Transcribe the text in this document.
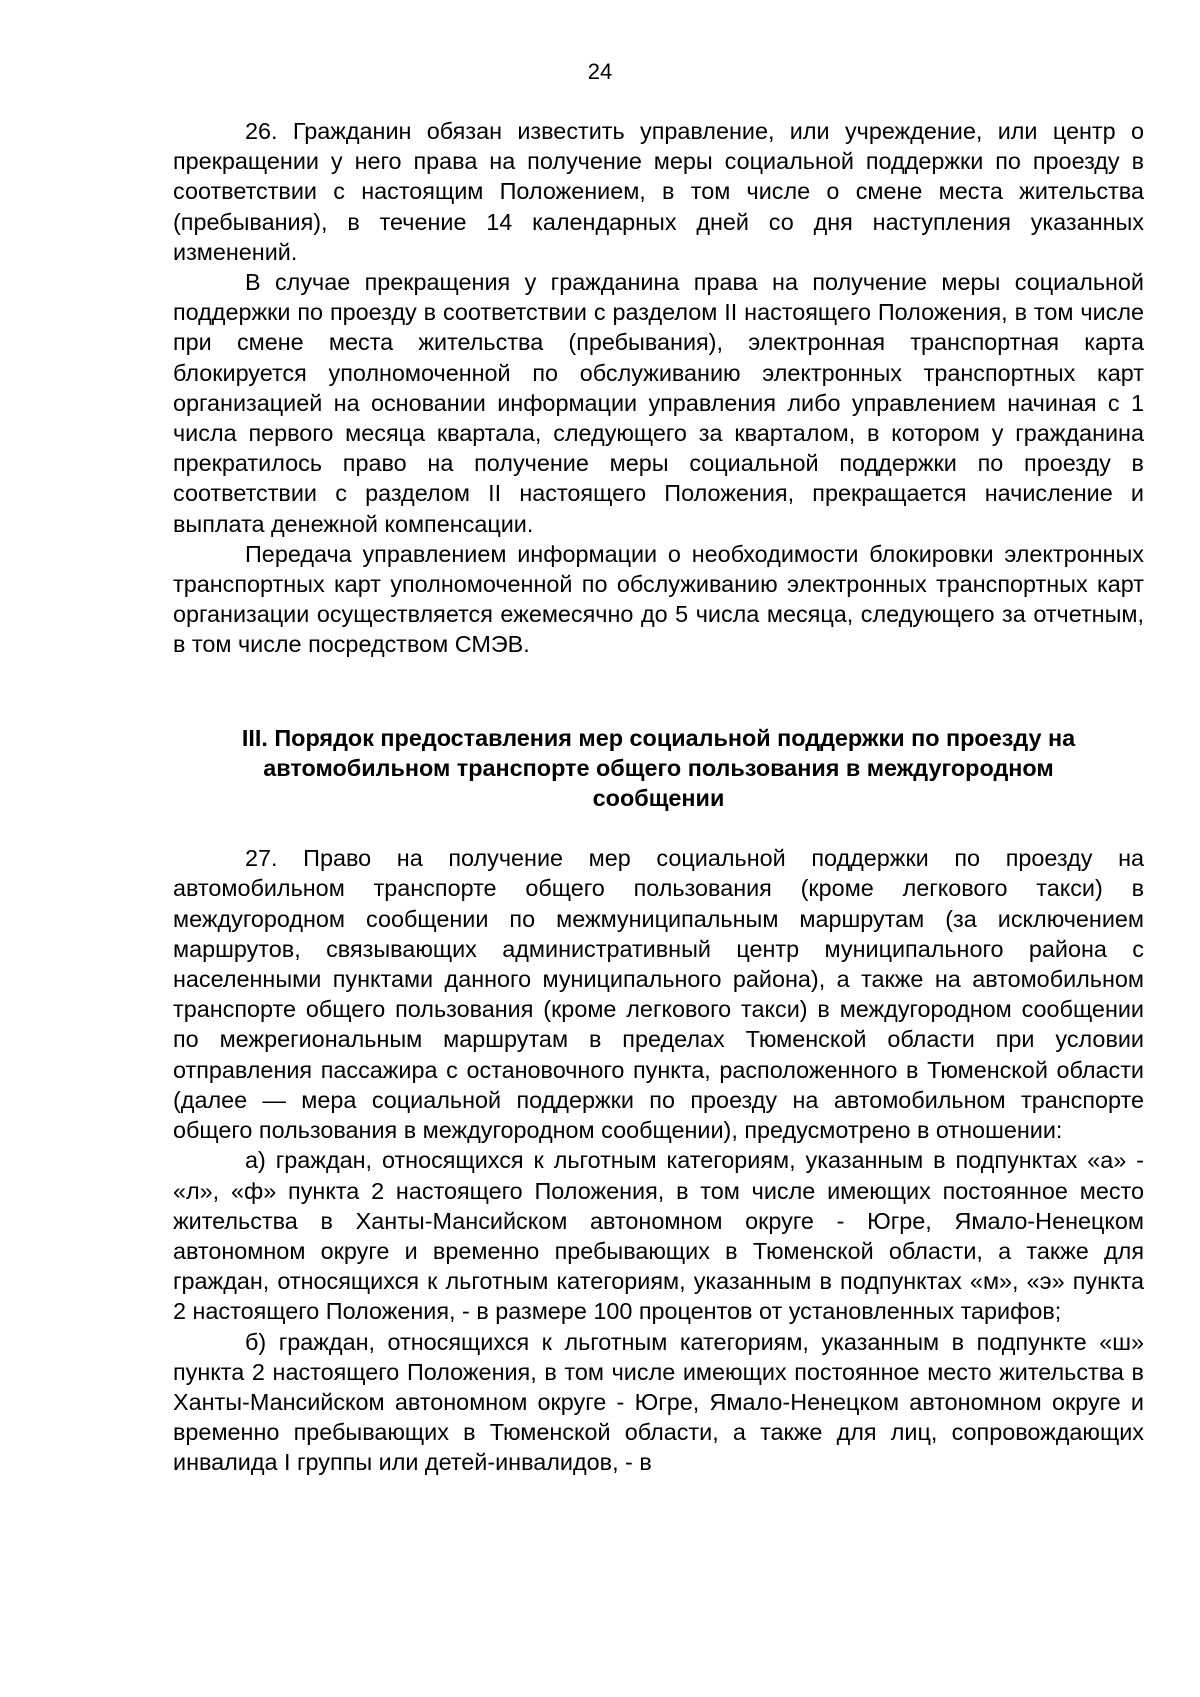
24

26. Гражданин обязан известить управление, или учреждение, или центр о прекращении у него права на получение меры социальной поддержки по проезду в соответствии с настоящим Положением, в том числе о смене места жительства (пребывания), в течение 14 календарных дней со дня наступления указанных изменений.

В случае прекращения у гражданина права на получение меры социальной поддержки по проезду в соответствии с разделом II настоящего Положения, в том числе при смене места жительства (пребывания), электронная транспортная карта блокируется уполномоченной по обслуживанию электронных транспортных карт организацией на основании информации управления либо управлением начиная с 1 числа первого месяца квартала, следующего за кварталом, в котором у гражданина прекратилось право на получение меры социальной поддержки по проезду в соответствии с разделом II настоящего Положения, прекращается начисление и выплата денежной компенсации.

Передача управлением информации о необходимости блокировки электронных транспортных карт уполномоченной по обслуживанию электронных транспортных карт организации осуществляется ежемесячно до 5 числа месяца, следующего за отчетным, в том числе посредством СМЭВ.

III. Порядок предоставления мер социальной поддержки по проезду на автомобильном транспорте общего пользования в междугородном сообщении

27. Право на получение мер социальной поддержки по проезду на автомобильном транспорте общего пользования (кроме легкового такси) в междугородном сообщении по межмуниципальным маршрутам (за исключением маршрутов, связывающих административный центр муниципального района с населенными пунктами данного муниципального района), а также на автомобильном транспорте общего пользования (кроме легкового такси) в междугородном сообщении по межрегиональным маршрутам в пределах Тюменской области при условии отправления пассажира с остановочного пункта, расположенного в Тюменской области (далее — мера социальной поддержки по проезду на автомобильном транспорте общего пользования в междугородном сообщении), предусмотрено в отношении:

а) граждан, относящихся к льготным категориям, указанным в подпунктах «а» - «л», «ф» пункта 2 настоящего Положения, в том числе имеющих постоянное место жительства в Ханты-Мансийском автономном округе - Югре, Ямало-Ненецком автономном округе и временно пребывающих в Тюменской области, а также для граждан, относящихся к льготным категориям, указанным в подпунктах «м», «э» пункта 2 настоящего Положения, - в размере 100 процентов от установленных тарифов;

б) граждан, относящихся к льготным категориям, указанным в подпункте «ш» пункта 2 настоящего Положения, в том числе имеющих постоянное место жительства в Ханты-Мансийском автономном округе - Югре, Ямало-Ненецком автономном округе и временно пребывающих в Тюменской области, а также для лиц, сопровождающих инвалида I группы или детей-инвалидов, - в
